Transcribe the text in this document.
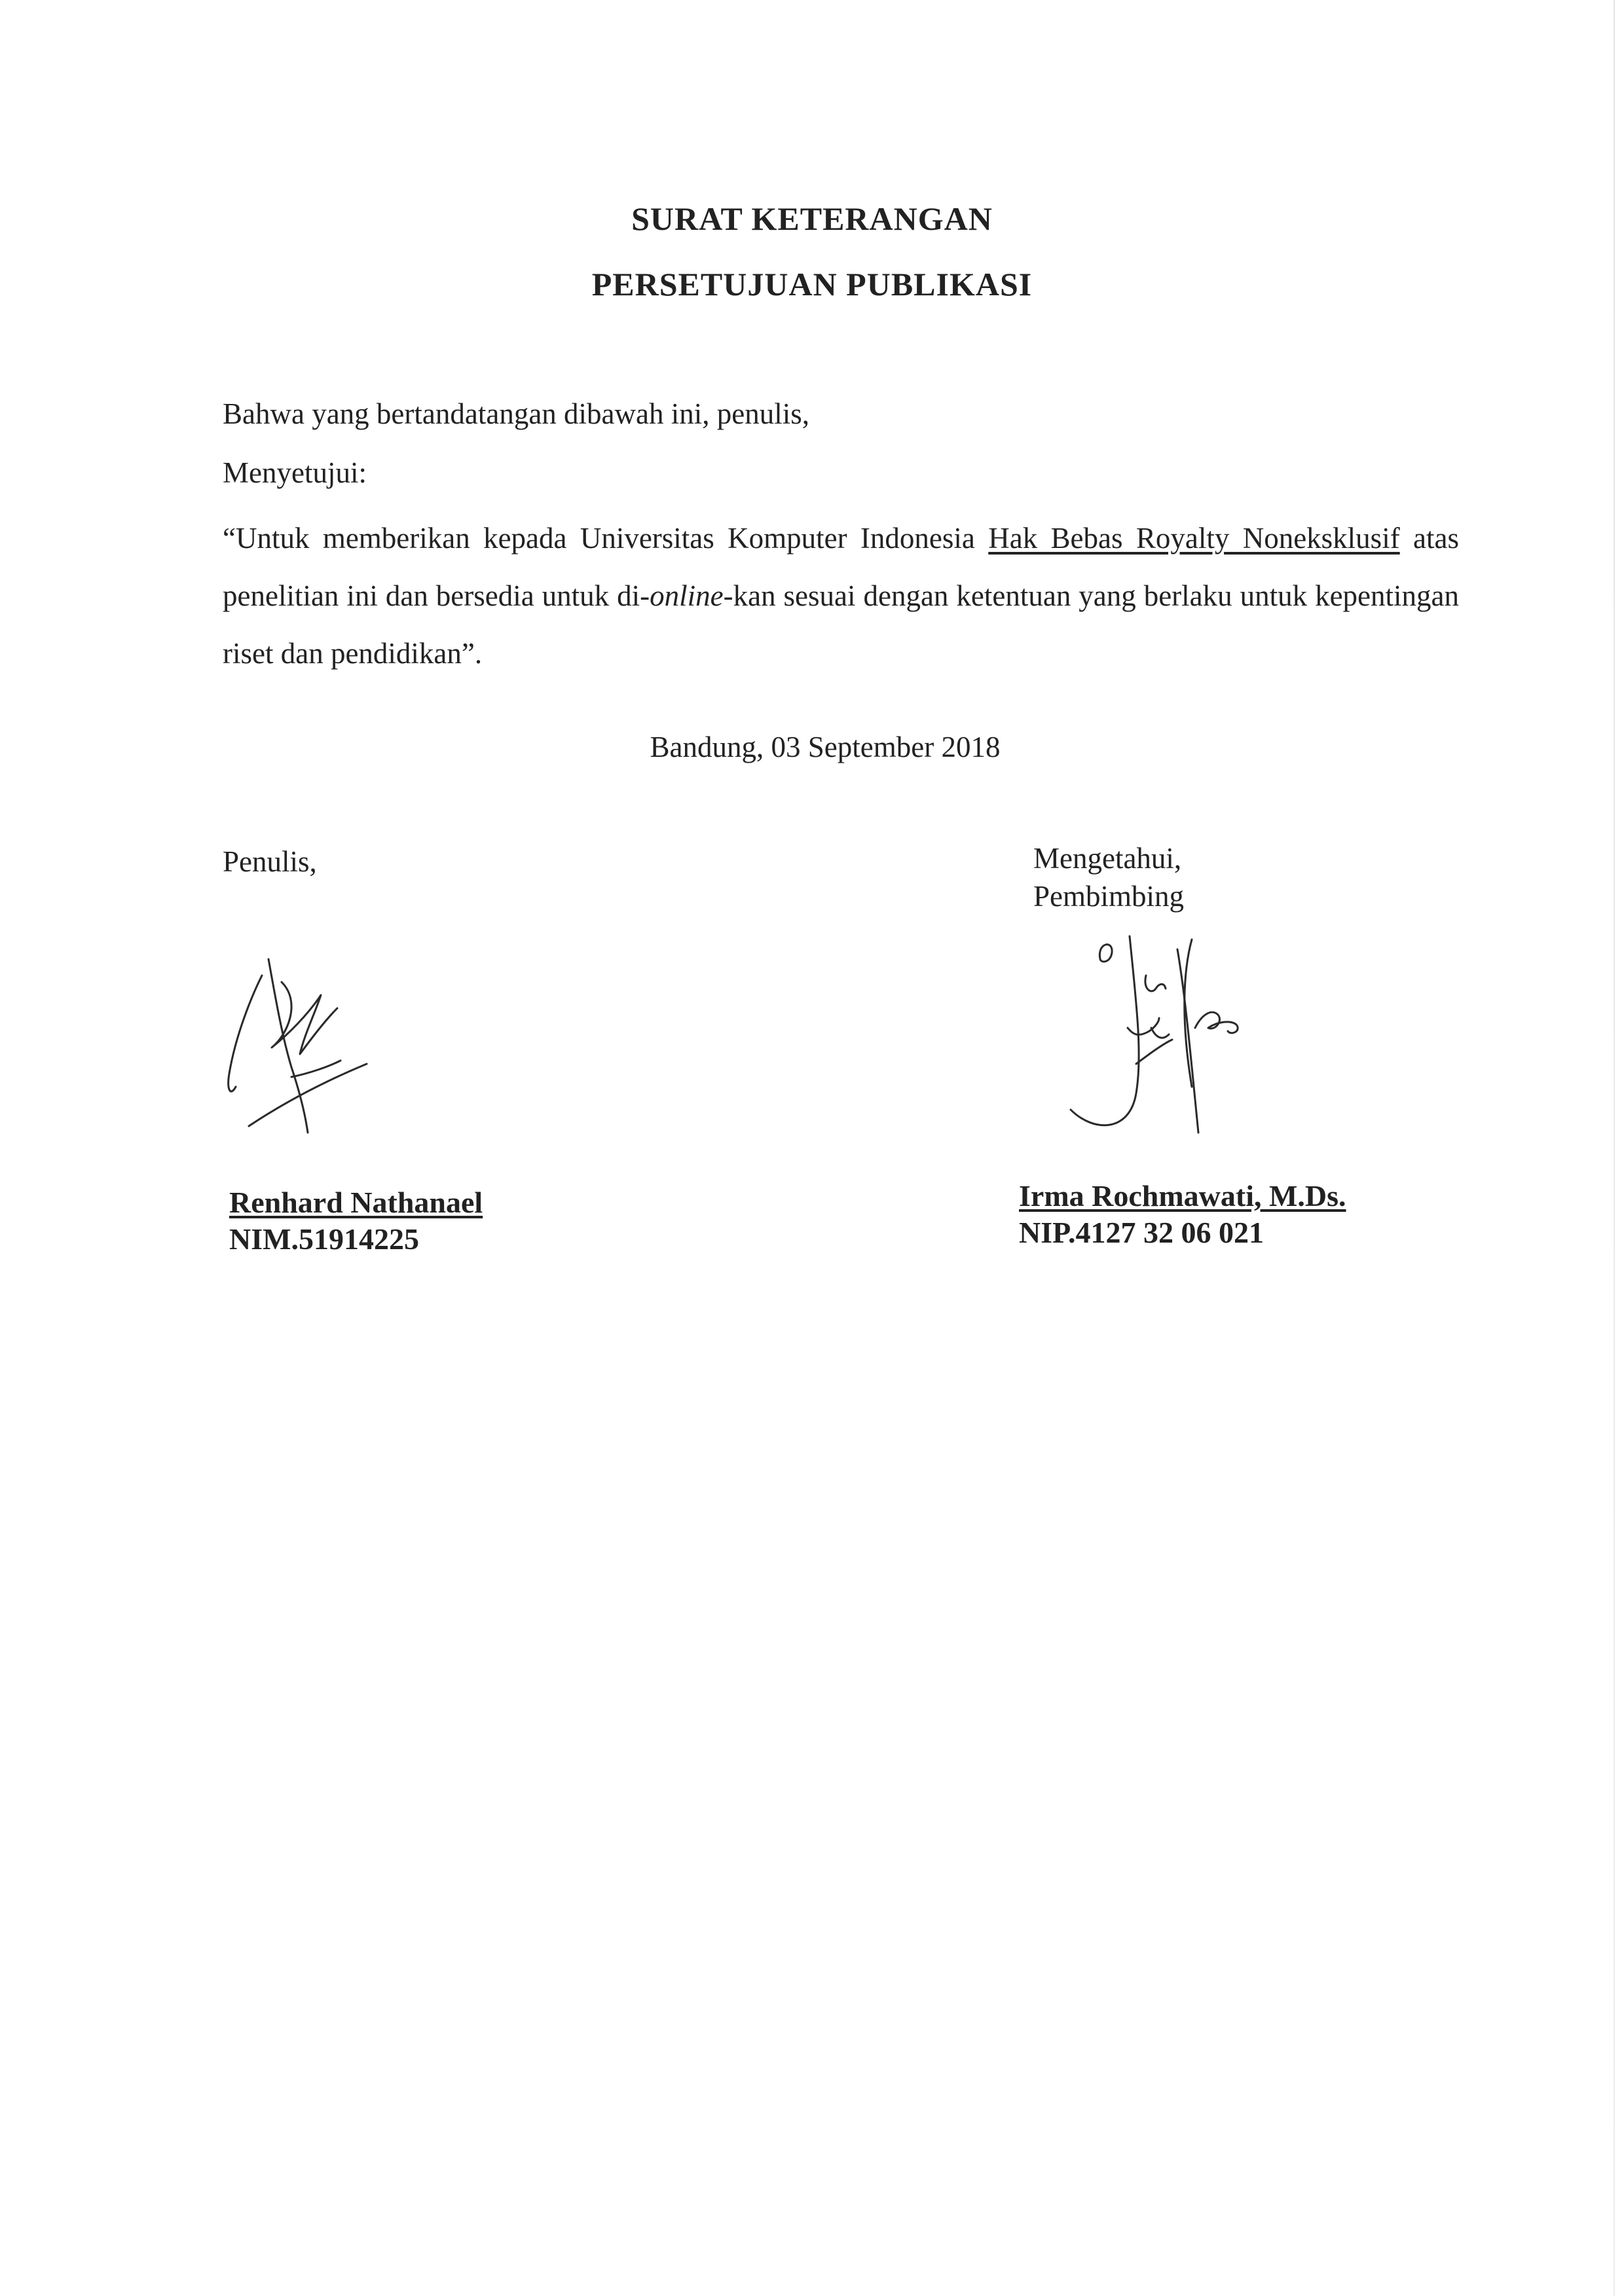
SURAT KETERANGAN
PERSETUJUAN PUBLIKASI
Bahwa yang bertandatangan dibawah ini, penulis,
Menyetujui:
“Untuk memberikan kepada Universitas Komputer Indonesia Hak Bebas Royalty Noneksklusif atas penelitian ini dan bersedia untuk di-online-kan sesuai dengan ketentuan yang berlaku untuk kepentingan riset dan pendidikan”.
Bandung, 03 September 2018
Penulis,	Mengetahui,
Pembimbing
Renhard Nathanael
NIM.51914225
Irma Rochmawati, M.Ds.
NIP.4127 32 06 021
